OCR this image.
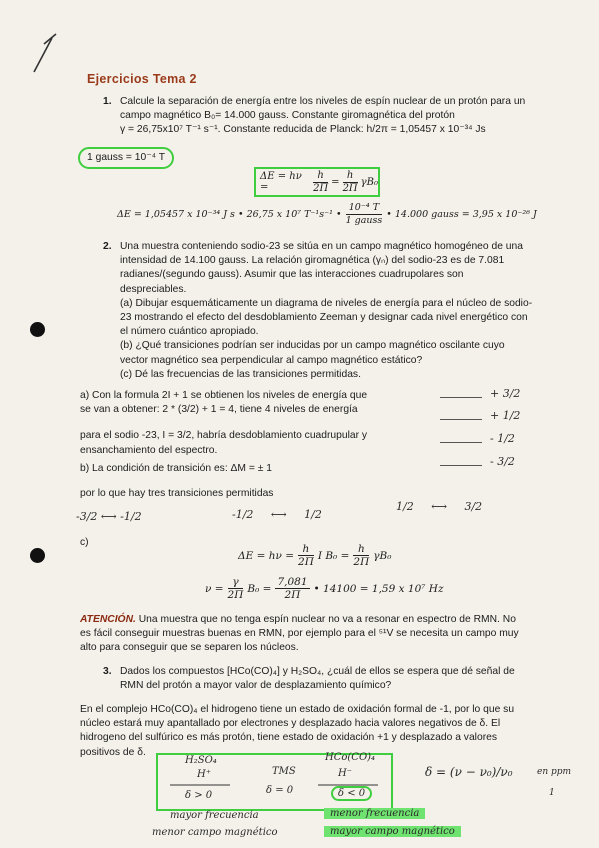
Ejercicios Tema 2
1. Calcule la separación de energía entre los niveles de espín nuclear de un protón para un
campo magnético B₀= 14.000 gauss. Constante giromagnética del protón
γ = 26,75x10⁷ T⁻¹ s⁻¹. Constante reducida de Planck: h/2π = 1,05457 x 10⁻³⁴ Js
1 gauss = 10⁻⁴ T
ΔE = hν =	$\frac{h}{2\Pi} = \frac{h}{2\Pi} \gamma B_0$
ΔE = 1,05457 x 10⁻³⁴ J s • 26,75 x 10⁷ T⁻¹s⁻¹ • $\frac{\text{10⁻⁴ T}}{\text{1 gauss}}$ • 14.000 gauss = 3,95 x 10⁻²⁶ J
2. Una muestra conteniendo sodio-23 se sitúa en un campo magnético homogéneo de una
intensidad de 14.100 gauss. La relación giromagnética (γₙ) del sodio-23 es de 7.081
radianes/(segundo gauss). Asumir que las interacciones cuadrupolares son
despreciables.
(a) Dibujar esquemáticamente un diagrama de niveles de energía para el núcleo de sodio-
23 mostrando el efecto del desdoblamiento Zeeman y designar cada nivel energético con
el número cuántico apropiado.
(b) ¿Qué transiciones podrían ser inducidas por un campo magnético oscilante cuyo
vector magnético sea perpendicular al campo magnético estático?
(c) Dé las frecuencias de las transiciones permitidas.
a) Con la formula 2I + 1 se obtienen los niveles de energía que
se van a obtener: 2 * (3/2) + 1 = 4, tiene 4 niveles de energía
para el sodio -23, I = 3/2, habría desdoblamiento cuadrupular y
ensanchamiento del espectro.
+ 3/2
+ 1/2
- 1/2
- 3/2
b) La condición de transición es: ΔM = ± 1
por lo que hay tres transiciones permitidas
-3/2 ⟷ -1/2	-1/2 ⟷ 1/2
1/2 ⟷ 3/2
c)
$\Delta E = h\nu = \frac{h}{2\Pi}$ I $B_0 = \frac{h}{2\Pi} \gamma B_0$
$\nu = \frac{\gamma}{2\Pi} B_0 = \frac{7,081}{2\Pi}$ • 14100 = 1,59 x 10⁷ Hz
ATENCIÓN. Una muestra que no tenga espín nuclear no va a resonar en espectro de RMN. No
es fácil conseguir muestras buenas en RMN, por ejemplo para el ⁵¹V se necesita un campo muy
alto para conseguir que se separen los núcleos.
3. Dados los compuestos [HCo(CO)₄] y H₂SO₄, ¿cuál de ellos se espera que dé señal de
RMN del protón a mayor valor de desplazamiento químico?
En el complejo HCo(CO)₄ el hidrogeno tiene un estado de oxidación formal de -1, por lo que su
núcleo estará muy apantallado por electrones y desplazado hacia valores negativos de δ. El
hidrogeno del sulfúrico es más protón, tiene estado de oxidación +1 y desplazado a valores
positivos de δ.
H₂SO₄
H⁺
δ > 0
TMS
δ = 0
HCo(CO)₄
H⁻
δ < 0
δ = (ν − ν₀)/ν₀	en ppm
1
mayor frecuencia
menor campo magnético
menor frecuencia
mayor campo magnético
